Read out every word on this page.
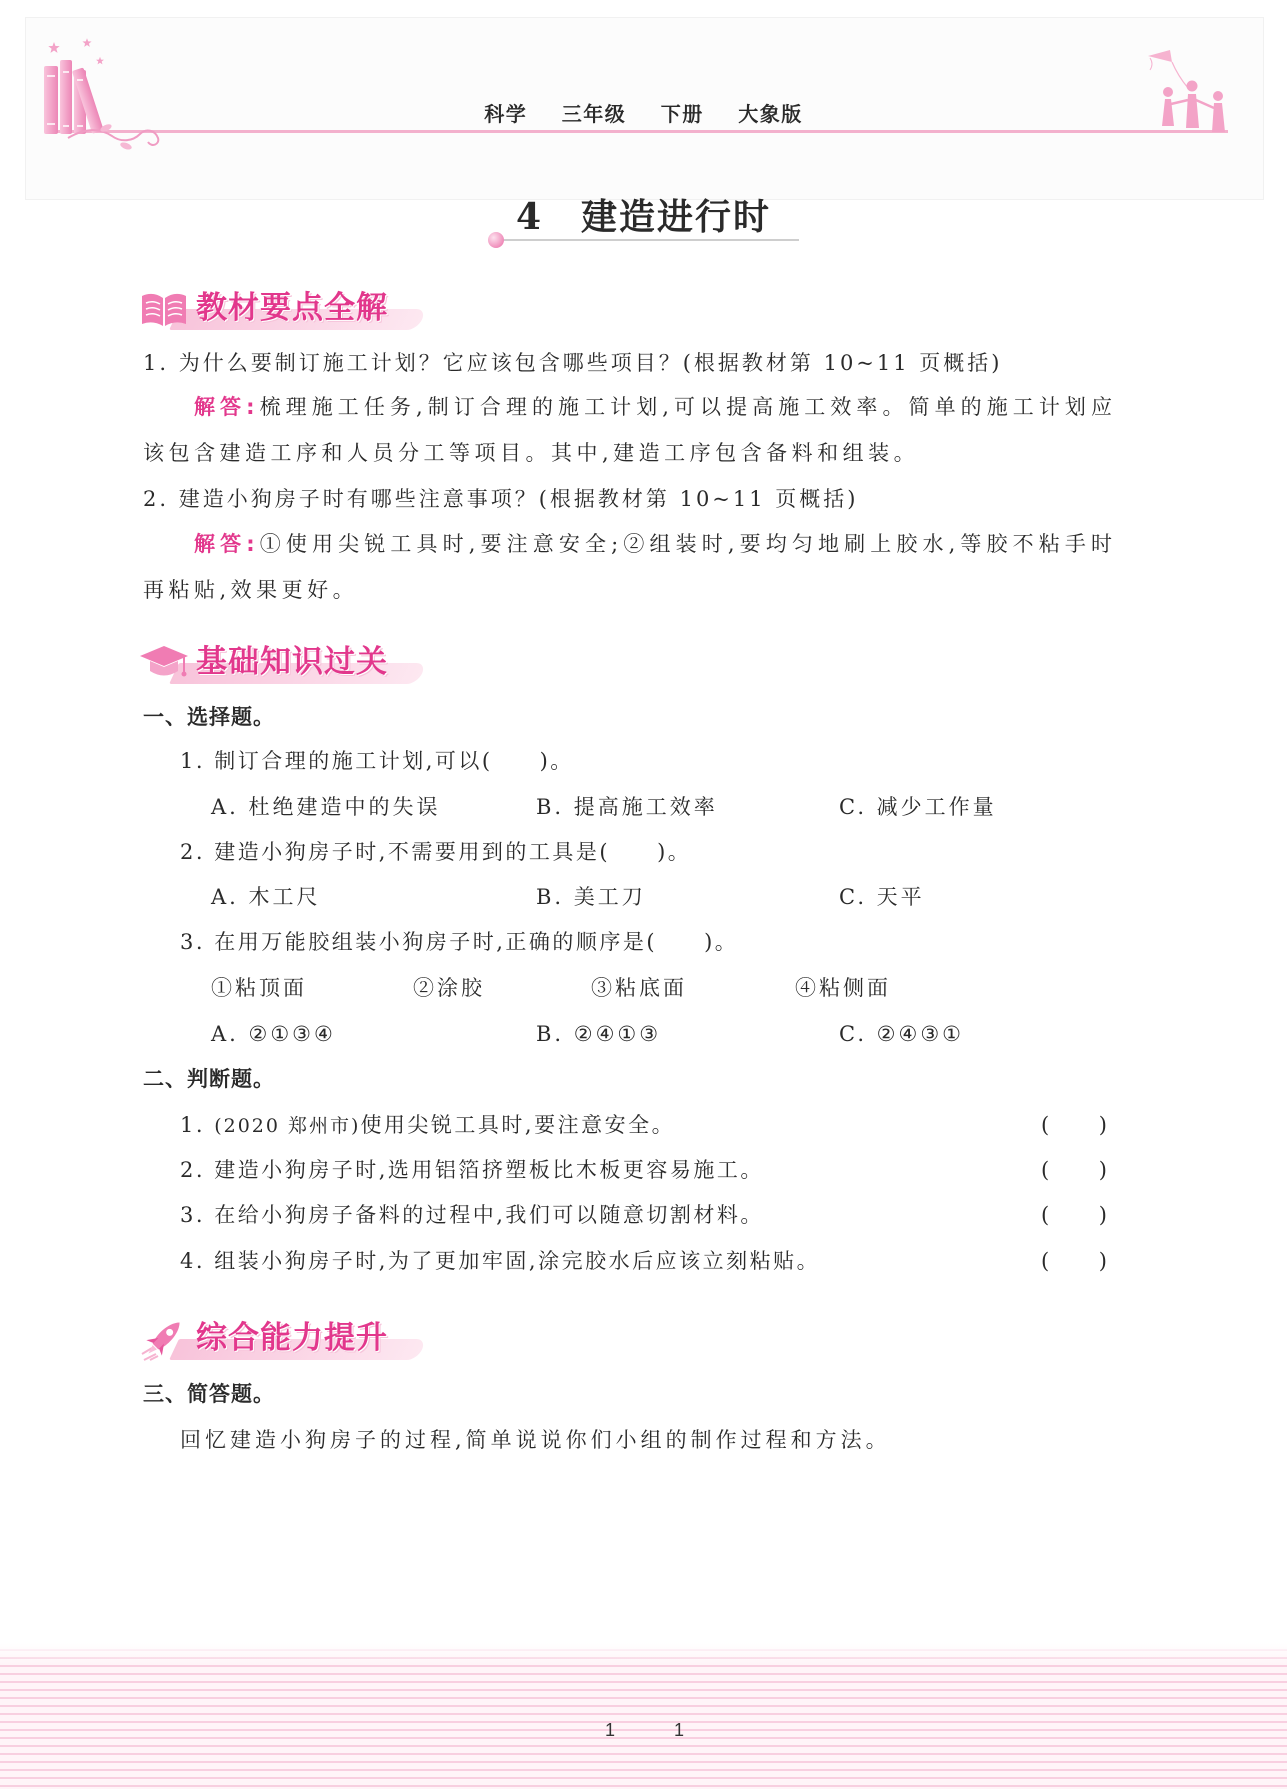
科学 三年级 下册 大象版
4 建造进行时
教材要点全解
1. 为什么要制订施工计划？它应该包含哪些项目？(根据教材第 10~11 页概括)
解答:梳理施工任务,制订合理的施工计划,可以提高施工效率。简单的施工计划应
该包含建造工序和人员分工等项目。其中,建造工序包含备料和组装。
2. 建造小狗房子时有哪些注意事项？(根据教材第 10~11 页概括)
解答:①使用尖锐工具时,要注意安全;②组装时,要均匀地刷上胶水,等胶不粘手时
再粘贴,效果更好。
基础知识过关
一、选择题。
1. 制订合理的施工计划,可以(　　)。
A. 杜绝建造中的失误	B. 提高施工效率	C. 减少工作量
2. 建造小狗房子时,不需要用到的工具是(　　)。
A. 木工尺	B. 美工刀	C. 天平
3. 在用万能胶组装小狗房子时,正确的顺序是(　　)。
①粘顶面	②涂胶	③粘底面	④粘侧面
A. ②①③④	B. ②④①③	C. ②④③①
二、判断题。
1. (2020 郑州市)使用尖锐工具时,要注意安全。	(　　)
2. 建造小狗房子时,选用铝箔挤塑板比木板更容易施工。	(　　)
3. 在给小狗房子备料的过程中,我们可以随意切割材料。	(　　)
4. 组装小狗房子时,为了更加牢固,涂完胶水后应该立刻粘贴。	(　　)
综合能力提升
三、简答题。
回忆建造小狗房子的过程,简单说说你们小组的制作过程和方法。
1	1
